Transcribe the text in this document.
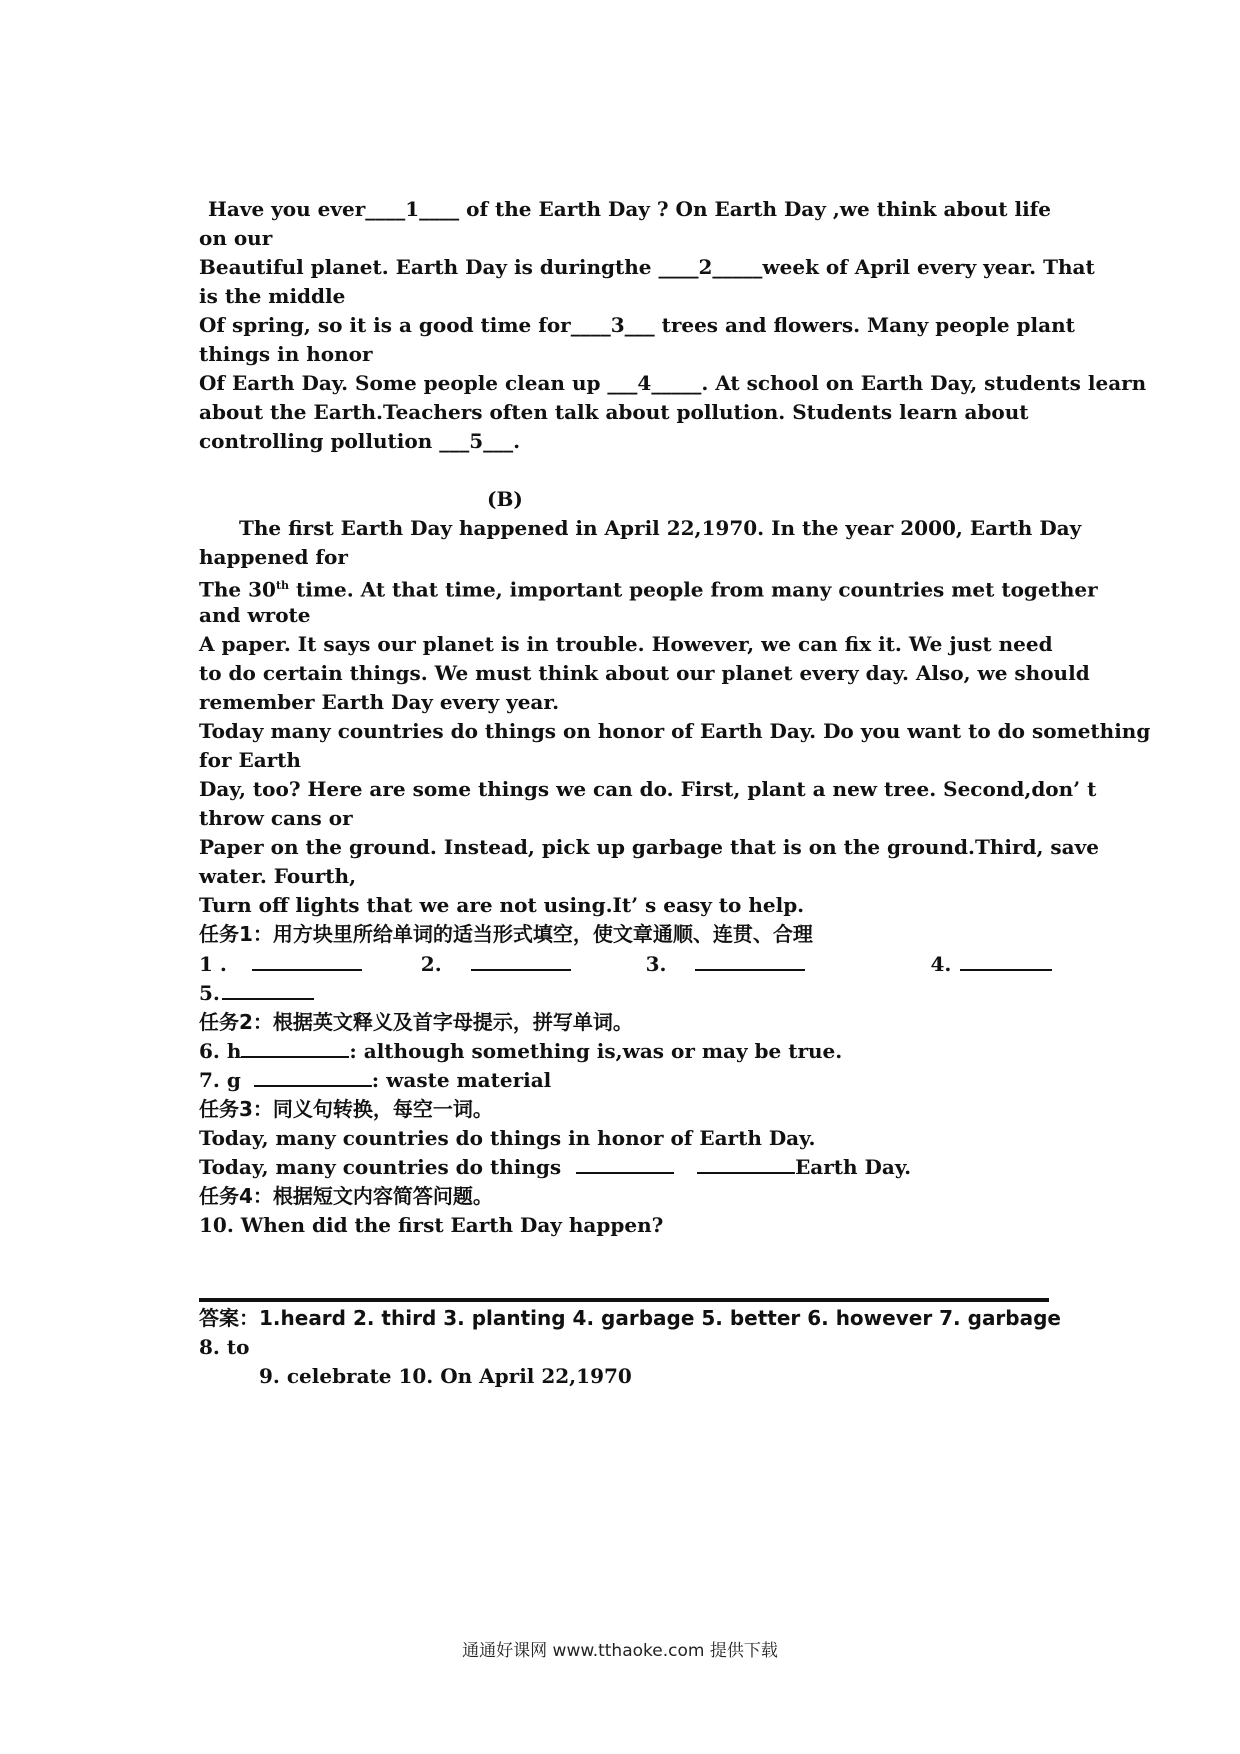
Have you ever____1____ of the Earth Day ? On Earth Day ,we think about life
on our
Beautiful planet. Earth Day is duringthe ____2_____week of April every year. That
is the middle
Of spring, so it is a good time for____3___ trees and flowers. Many people plant
things in honor
Of Earth Day. Some people clean up ___4_____. At school on Earth Day, students learn
about the Earth.Teachers often talk about pollution. Students learn about
controlling pollution ___5___.
(B)
The first Earth Day happened in April 22,1970. In the year 2000, Earth Day
happened for
The 30th time. At that time, important people from many countries met together
and wrote
A paper. It says our planet is in trouble. However, we can fix it. We just need
to do certain things. We must think about our planet every day. Also, we should
remember Earth Day every year.
Today many countries do things on honor of Earth Day. Do you want to do something
for Earth
Day, too? Here are some things we can do. First, plant a new tree. Second,don’ t
throw cans or
Paper on the ground. Instead, pick up garbage that is on the ground.Third, save
water. Fourth,
Turn off lights that we are not using.It’ s easy to help.
任务1：用方块里所给单词的适当形式填空，使文章通顺、连贯、合理
1 .	2.	3.	4.
5.
任务2：根据英文释义及首字母提示，拼写单词。
6. h	: although something is,was or may be true.
7. g	: waste material
任务3：同义句转换，每空一词。
Today, many countries do things in honor of Earth Day.
Today, many countries do things	Earth Day.
任务4：根据短文内容简答问题。
10. When did the first Earth Day happen?
答案：1.heard 2. third 3. planting 4. garbage 5. better 6. however 7. garbage
8. to
9. celebrate 10. On April 22,1970
通通好课网 www.tthaoke.com 提供下载
